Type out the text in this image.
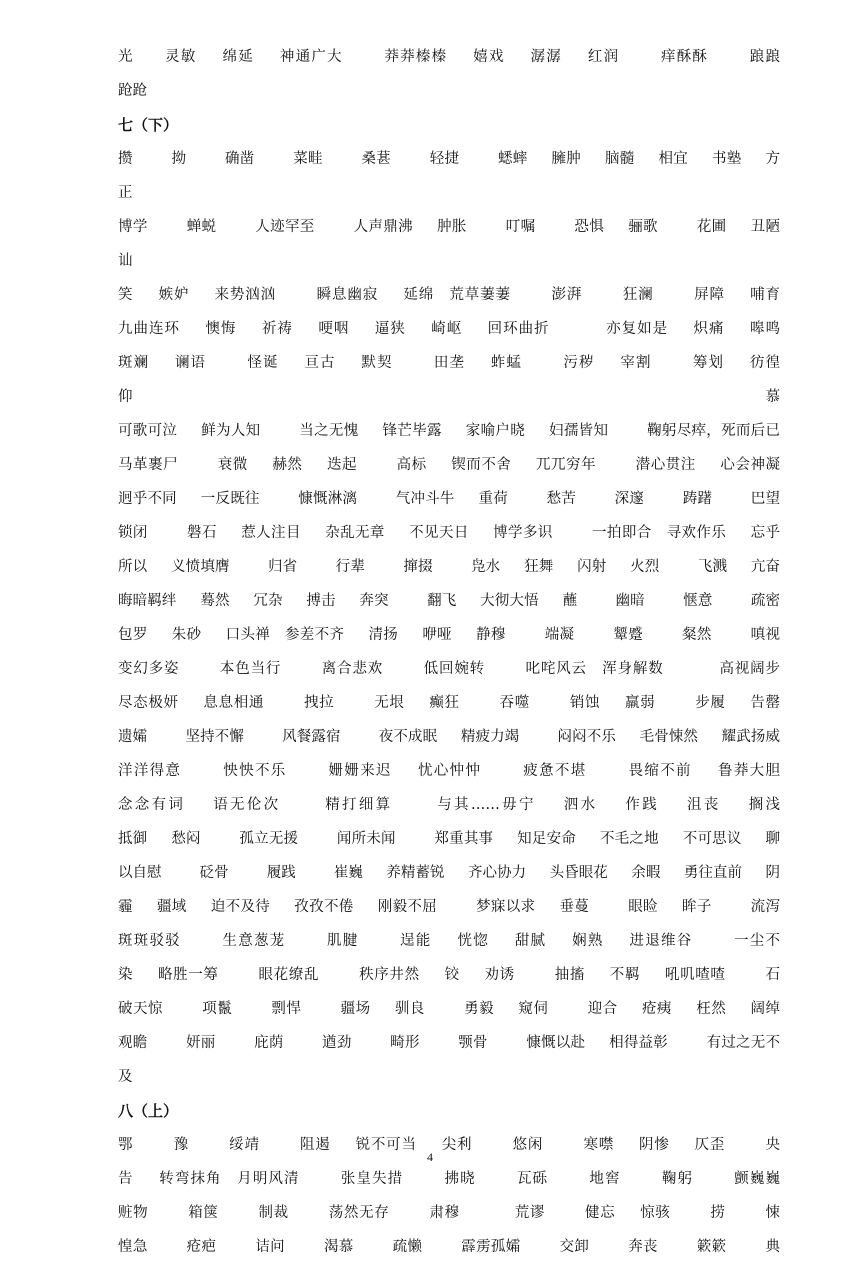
光　　灵敏　 绵延　 神通广大　　 莽莽榛榛　 嬉戏　 潺潺　 红润　　 痒酥酥　　 踉踉
跄跄
七（下）
攒　　 拗　　 确凿　　 菜畦　　 桑葚　　 轻捷　　 蟋蟀　 臃肿　 脑髓　 相宜　 书塾　 方正
博学　　 蝉蜕　　 人迹罕至　　 人声鼎沸　 肿胀　　 叮嘱　　 恐惧　 骊歌　　 花圃　 丑陋　　 讪
笑　 嫉妒　 来势汹汹　　 瞬息幽寂　 延绵　荒草萋萋　　 澎湃　　 狂澜　　 屏障　 哺育
九曲连环　 懊悔　 祈祷　 哽咽　 逼狭　 崎岖　 回环曲折　　　 亦复如是　 炽痛　 嗥鸣
斑斓　 谰语　　 怪诞　 亘古　 默契　　 田垄　 蚱蜢　　 污秽　 宰割　　 筹划　 彷徨　　 仰慕
可歌可泣　 鲜为人知　　 当之无愧　 锋芒毕露　 家喻户晓　 妇孺皆知　　 鞠躬尽瘁，死而后已
马革裹尸　　 衰微　 赫然　 迭起　　 高标　 锲而不舍　 兀兀穷年　　 潜心贯注　 心会神凝
迥乎不同　 一反既往　　 慷慨淋漓　　 气冲斗牛　 重荷　　 愁苦　　 深邃　　 踌躇　　 巴望
锁闭　　 磐石　 惹人注目　 杂乱无章　 不见天日　 博学多识　　 一拍即合　寻欢作乐　 忘乎
所以　 义愤填膺　　 归省　　 行辈　　 撺掇　　 凫水　 狂舞　 闪射　 火烈　　 飞溅　 亢奋
晦暗羁绊　 蓦然　 冗杂　 搏击　 奔突　　 翻飞　 大彻大悟　 蘸　　 幽暗　　 惬意　　 疏密
包罗　 朱砂　 口头禅　参差不齐　 清扬　 咿哑　 静穆　　 端凝　　 颦蹙　　 粲然　　 嗔视
变幻多姿　　 本色当行　　 离合悲欢　　 低回婉转　　 叱咤风云　浑身解数　　　 高视阔步
尽态极妍　 息息相通　　 拽拉　　 无垠　 癫狂　　 吞噬　　 销蚀　 羸弱　　 步履　 告罄
遗孀　　 坚持不懈　　 风餐露宿　　 夜不成眠　 精疲力竭　　 闷闷不乐　 毛骨悚然　 耀武扬威
洋洋得意　　 怏怏不乐　　 姗姗来迟　 忧心忡忡　　 疲惫不堪　　 畏缩不前　 鲁莽大胆
念念有词　 语无伦次　　 精打细算　　 与其……毋宁　 泗水　 作践　 沮丧　 搁浅
抵御　 愁闷　　 孤立无援　　 闻所未闻　　 郑重其事　 知足安命　 不毛之地　 不可思议　 聊
以自慰　　 砭骨　　 履践　　 崔巍　 养精蓄锐　 齐心协力　 头昏眼花　 余暇　 勇往直前　 阴
霾　 疆域　 迫不及待　 孜孜不倦　 刚毅不屈　　 梦寐以求　 垂蔓　　 眼睑　 眸子　　 流泻
斑斑驳驳　　 生意葱茏　　 肌腱　　 逞能　 恍惚　 甜腻　 娴熟　 进退维谷　　 一尘不
染　 略胜一筹　　 眼花缭乱　　 秩序井然　 铰　 劝诱　　 抽搐　 不羁　 吼叽喳喳　　 石
破天惊　　 项鬣　　 剽悍　　 疆场　 驯良　　 勇毅　 窥伺　　 迎合　 疮痍　 枉然　 阔绰
观瞻　　 妍丽　　 庇荫　　 遒劲　　 畸形　　 颚骨　　 慷慨以赴　 相得益彰　　 有过之无不
及
八（上）
鄂　　 豫　　 绥靖　　 阻遏　 锐不可当　 尖利　　 悠闲　　 寒噤　 阴惨　 仄歪　　 央
告　 转弯抹角　月明风清　　 张皇失措　　 拂晓　　 瓦砾　　 地窖　　 鞠躬　　 颤巍巍
赃物　　 箱箧　　 制裁　　 荡然无存　　 肃穆　　　 荒谬　　 健忘　 惊骇　　 捞　　 悚
惶急　　 疮疤　　 诘问　　 渴慕　　 疏懒　　 霹雳孤孀　　 交卸　　 奔丧　　 簌簌　　 典
4
